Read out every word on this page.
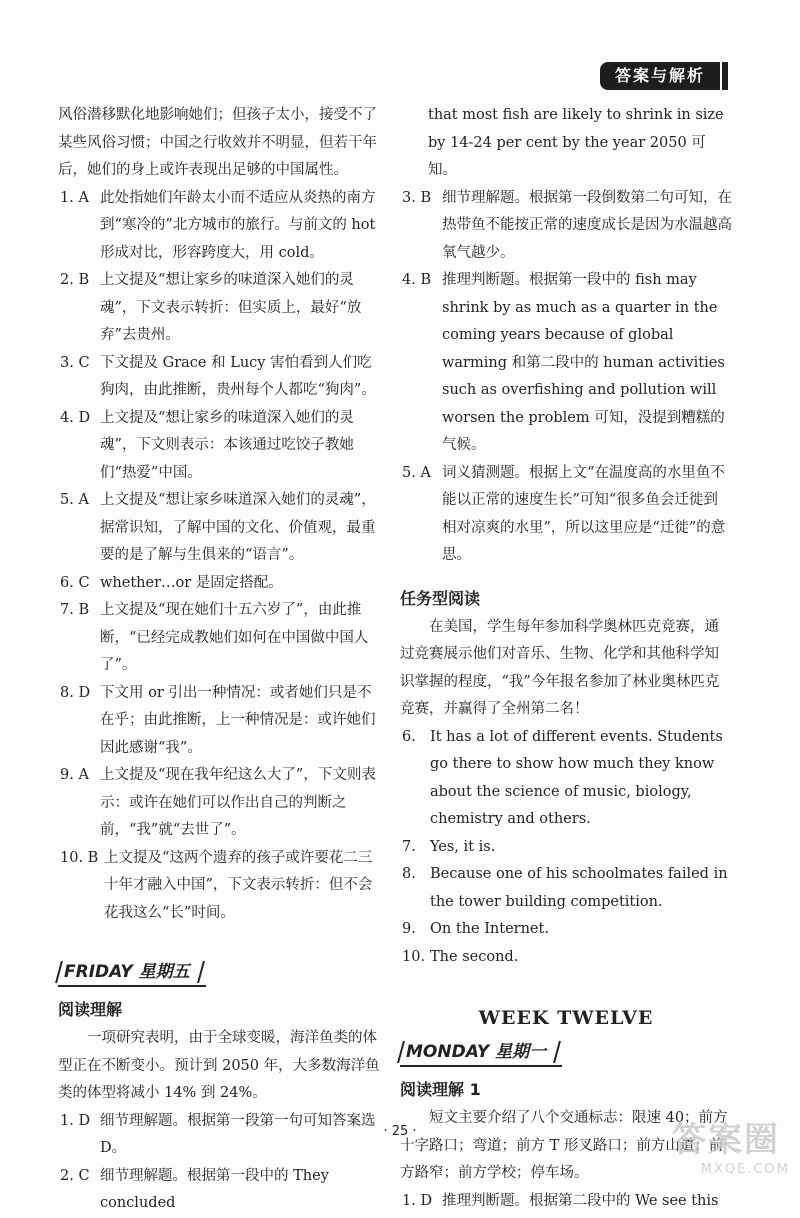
答案与解析

风俗潜移默化地影响她们；但孩子太小，接受不了某些风俗习惯；中国之行收效并不明显，但若干年后，她们的身上或许表现出足够的中国属性。

1. A 此处指她们年龄太小而不适应从炎热的南方到“寒冷的”北方城市的旅行。与前文的 hot 形成对比，形容跨度大，用 cold。
2. B 上文提及“想让家乡的味道深入她们的灵魂”，下文表示转折：但实质上，最好“放弃”去贵州。
3. C 下文提及 Grace 和 Lucy 害怕看到人们吃狗肉，由此推断，贵州每个人都吃“狗肉”。
4. D 上文提及“想让家乡的味道深入她们的灵魂”，下文则表示：本该通过吃饺子教她们“热爱”中国。
5. A 上文提及“想让家乡味道深入她们的灵魂”，据常识知，了解中国的文化、价值观，最重要的是了解与生俱来的“语言”。
6. C whether…or 是固定搭配。
7. B 上文提及“现在她们十五六岁了”，由此推断，“已经完成教她们如何在中国做中国人了”。
8. D 下文用 or 引出一种情况：或者她们只是不在乎；由此推断，上一种情况是：或许她们因此感谢“我”。
9. A 上文提及“现在我年纪这么大了”，下文则表示：或许在她们可以作出自己的判断之前，“我”就“去世了”。
10. B 上文提及“这两个遗弃的孩子或许要花二三十年才融入中国”，下文表示转折：但不会花我这么“长”时间。
FRIDAY 星期五
阅读理解

一项研究表明，由于全球变暖，海洋鱼类的体型正在不断变小。预计到 2050 年，大多数海洋鱼类的体型将减小 14% 到 24%。

1. D 细节理解题。根据第一段第一句可知答案选D。
2. C 细节理解题。根据第一段中的 They concluded

that most fish are likely to shrink in size by 14-24 per cent by the year 2050 可知。

3. B 细节理解题。根据第一段倒数第二句可知，在热带鱼不能按正常的速度成长是因为水温越高氧气越少。
4. B 推理判断题。根据第一段中的 fish may shrink by as much as a quarter in the coming years because of global warming 和第二段中的 human activities such as overfishing and pollution will worsen the problem 可知，没提到糟糕的气候。
5. A 词义猜测题。根据上文“在温度高的水里鱼不能以正常的速度生长”可知“很多鱼会迁徙到相对凉爽的水里”，所以这里应是“迁徙”的意思。
任务型阅读

在美国，学生每年参加科学奥林匹克竞赛，通过竞赛展示他们对音乐、生物、化学和其他科学知识掌握的程度，“我”今年报名参加了林业奥林匹克竞赛，并赢得了全州第二名！

6. It has a lot of different events. Students go there to show how much they know about the science of music, biology, chemistry and others.
7. Yes, it is.
8. Because one of his schoolmates failed in the tower building competition.
9. On the Internet.
10. The second.
WEEK TWELVE
MONDAY 星期一
阅读理解 1

短文主要介绍了八个交通标志：限速 40；前方十字路口；弯道；前方 T 形叉路口；前方山道；前方路窄；前方学校；停车场。

1. D 推理判断题。根据第二段中的 We see this
· 25 ·	答案圈
MXQE.COM
